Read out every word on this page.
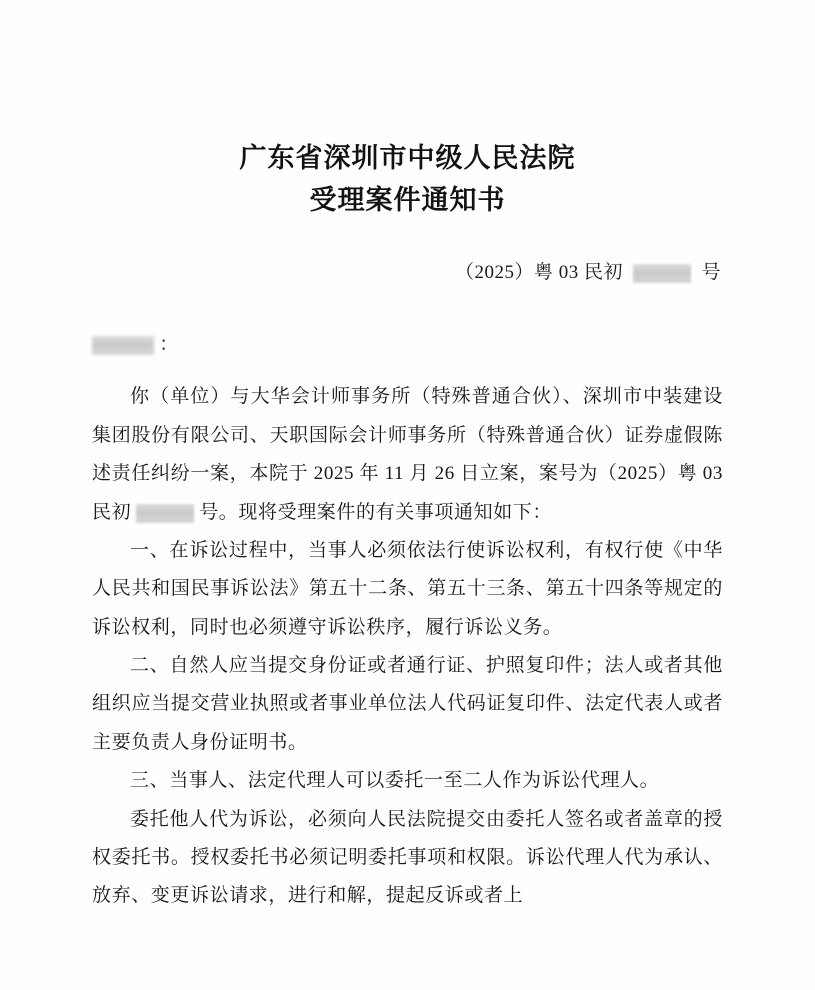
广东省深圳市中级人民法院
受理案件通知书
（2025）粤 03 民初	号
：

你（单位）与大华会计师事务所（特殊普通合伙）、深圳市中装建设集团股份有限公司、天职国际会计师事务所（特殊普通合伙）证券虚假陈述责任纠纷一案，本院于 2025 年 11 月 26 日立案，案号为（2025）粤 03 民初	号。现将受理案件的有关事项通知如下：

一、在诉讼过程中，当事人必须依法行使诉讼权利，有权行使《中华人民共和国民事诉讼法》第五十二条、第五十三条、第五十四条等规定的诉讼权利，同时也必须遵守诉讼秩序，履行诉讼义务。

二、自然人应当提交身份证或者通行证、护照复印件；法人或者其他组织应当提交营业执照或者事业单位法人代码证复印件、法定代表人或者主要负责人身份证明书。

三、当事人、法定代理人可以委托一至二人作为诉讼代理人。

委托他人代为诉讼，必须向人民法院提交由委托人签名或者盖章的授权委托书。授权委托书必须记明委托事项和权限。诉讼代理人代为承认、放弃、变更诉讼请求，进行和解，提起反诉或者上
